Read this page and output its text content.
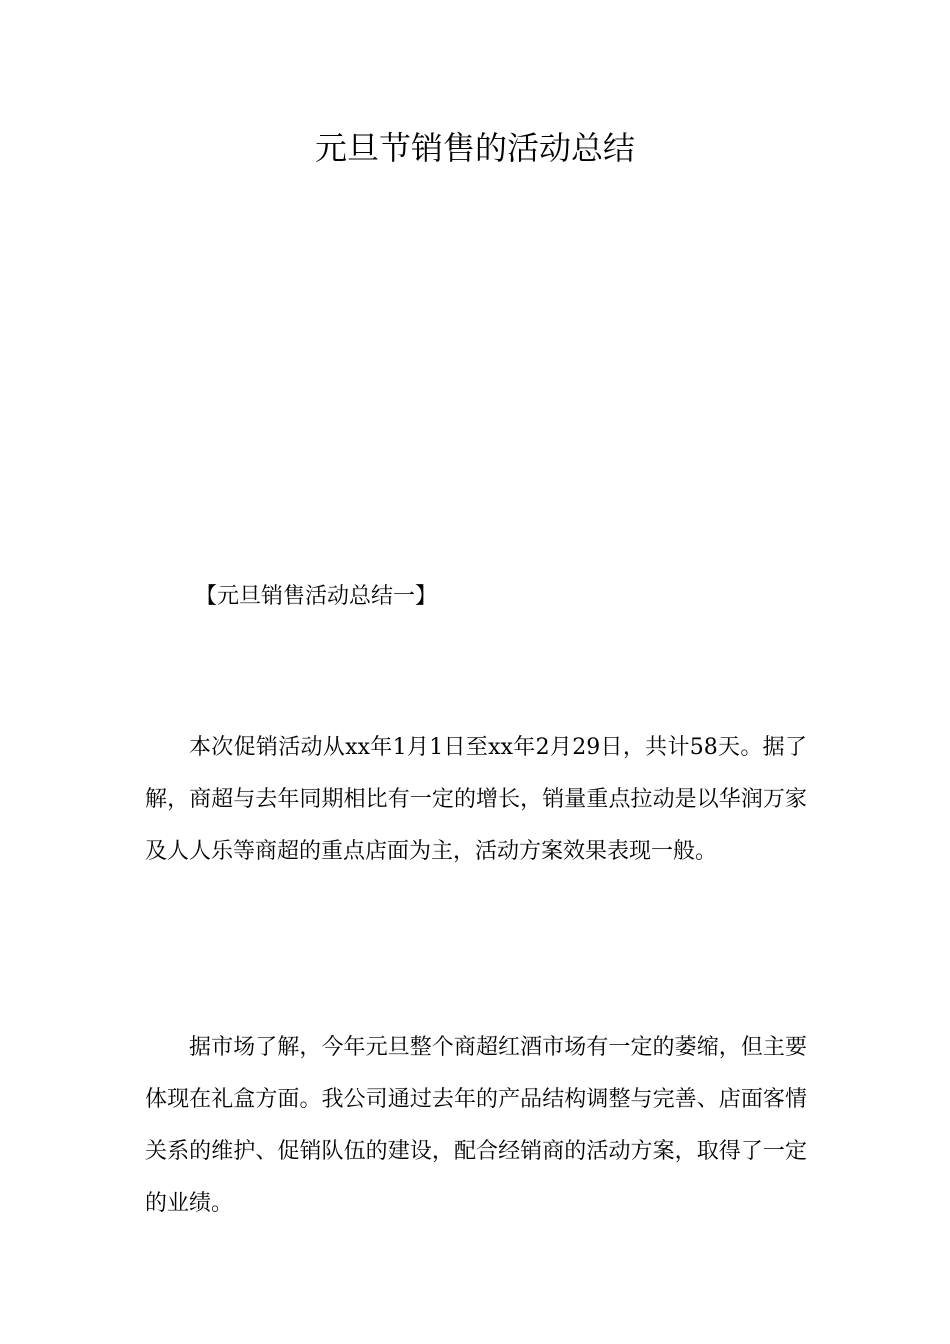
元旦节销售的活动总结
【元旦销售活动总结一】

本次促销活动从xx年1月1日至xx年2月29日，共计58天。据了解，商超与去年同期相比有一定的增长，销量重点拉动是以华润万家及人人乐等商超的重点店面为主，活动方案效果表现一般。

据市场了解，今年元旦整个商超红酒市场有一定的萎缩，但主要体现在礼盒方面。我公司通过去年的产品结构调整与完善、店面客情关系的维护、促销队伍的建设，配合经销商的活动方案，取得了一定的业绩。
